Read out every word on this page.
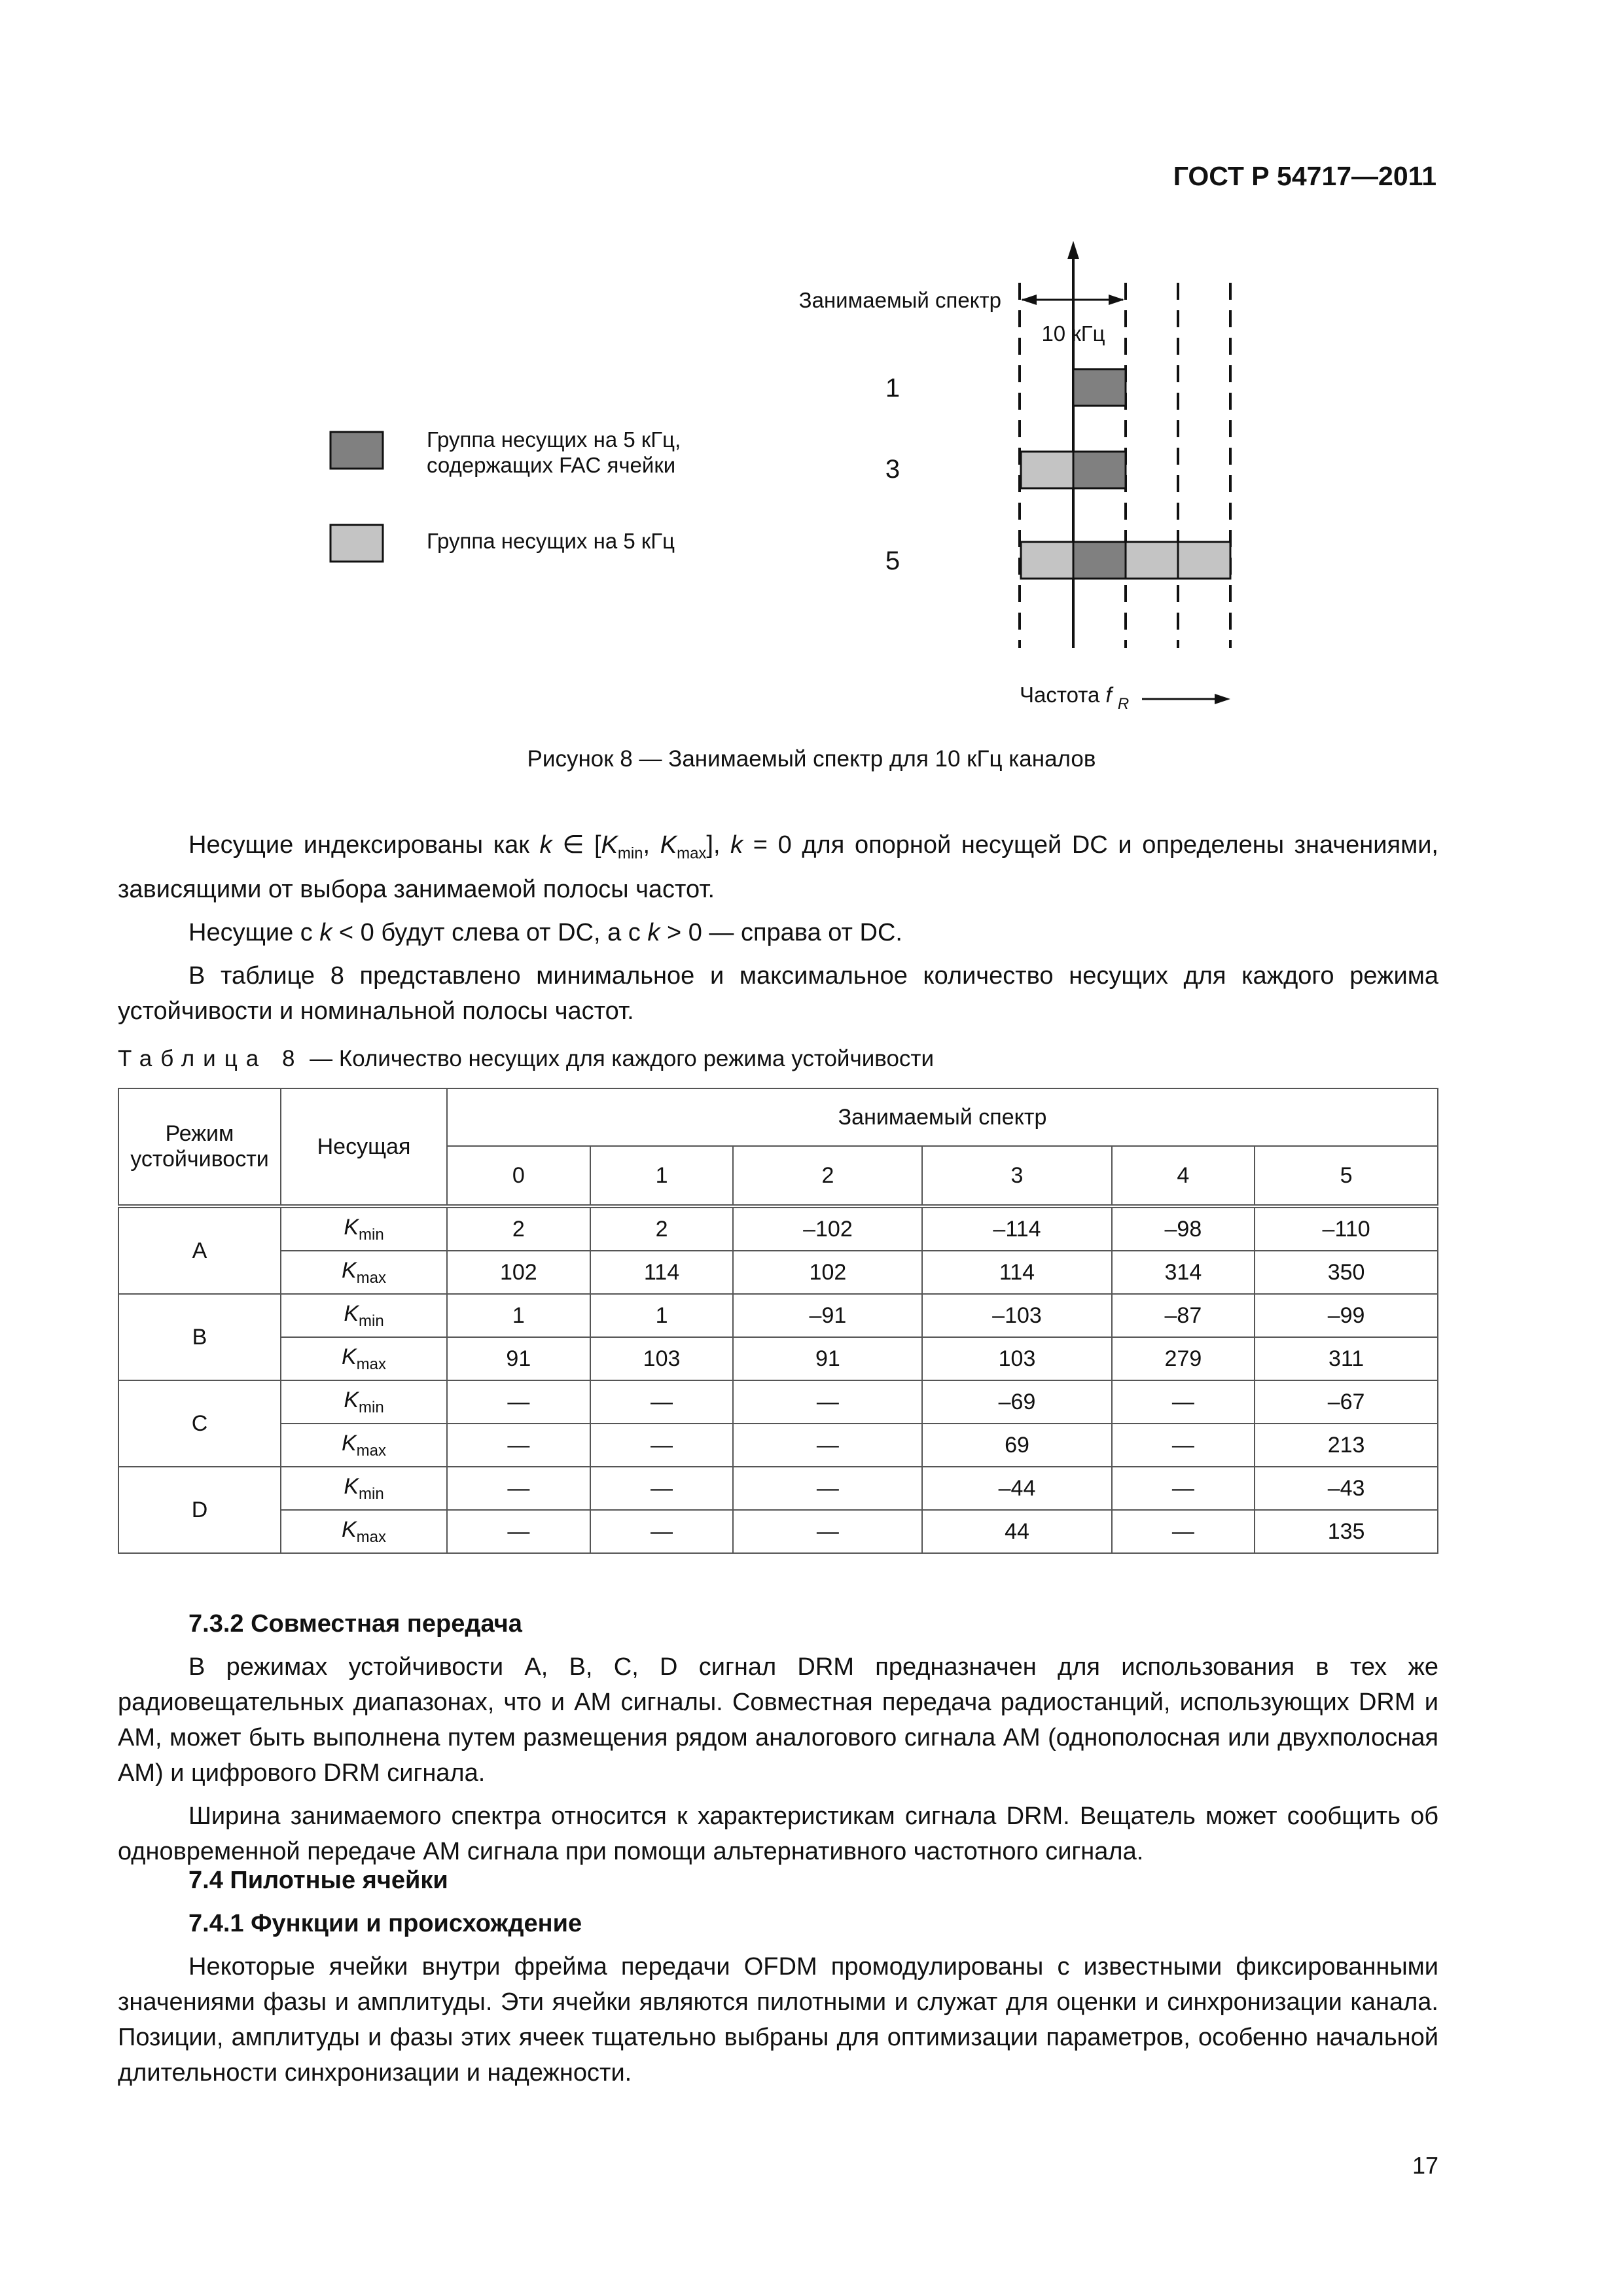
ГОСТ Р 54717—2011
Группа несущих на 5 кГц,
содержащих FAC ячейки
Группа несущих на 5 кГц
Занимаемый спектр
10 кГц
1
3
5
Частота f $_R$
Рисунок 8 — Занимаемый спектр для 10 кГц каналов

Несущие индексированы как k ∈ [$K_{min}$, $K_{max}$], k = 0 для опорной несущей DC и определены значениями, зависящими от выбора занимаемой полосы частот.

Несущие с k < 0 будут слева от DC, а с k > 0 — справа от DC.

В таблице 8 представлено минимальное и максимальное количество несущих для каждого режима устойчивости и номинальной полосы частот.

Таблица 8 — Количество несущих для каждого режима устойчивости
Режим устойчивости	Несущая	Занимаемый спектр					
		0	1	2	3	4	5
A	$K_{min}$	2	2	–102	–114	–98	–110
	$K_{max}$	102	114	102	114	314	350
B	$K_{min}$	1	1	–91	–103	–87	–99
	$K_{max}$	91	103	91	103	279	311
C	$K_{min}$	—	—	—	–69	—	–67
	$K_{max}$	—	—	—	69	—	213
D	$K_{min}$	—	—	—	–44	—	–43
	$K_{max}$	—	—	—	44	—	135
7.3.2 Совместная передача

В режимах устойчивости A, B, C, D сигнал DRM предназначен для использования в тех же радиовещательных диапазонах, что и AM сигналы. Совместная передача радиостанций, использующих DRM и AM, может быть выполнена путем размещения рядом аналогового сигнала AM (однополосная или двухполосная AM) и цифрового DRM сигнала.

Ширина занимаемого спектра относится к характеристикам сигнала DRM. Вещатель может сообщить об одновременной передаче AM сигнала при помощи альтернативного частотного сигнала.

7.4 Пилотные ячейки
7.4.1 Функции и происхождение

Некоторые ячейки внутри фрейма передачи OFDM промодулированы с известными фиксированными значениями фазы и амплитуды. Эти ячейки являются пилотными и служат для оценки и синхронизации канала. Позиции, амплитуды и фазы этих ячеек тщательно выбраны для оптимизации параметров, особенно начальной длительности синхронизации и надежности.

17
